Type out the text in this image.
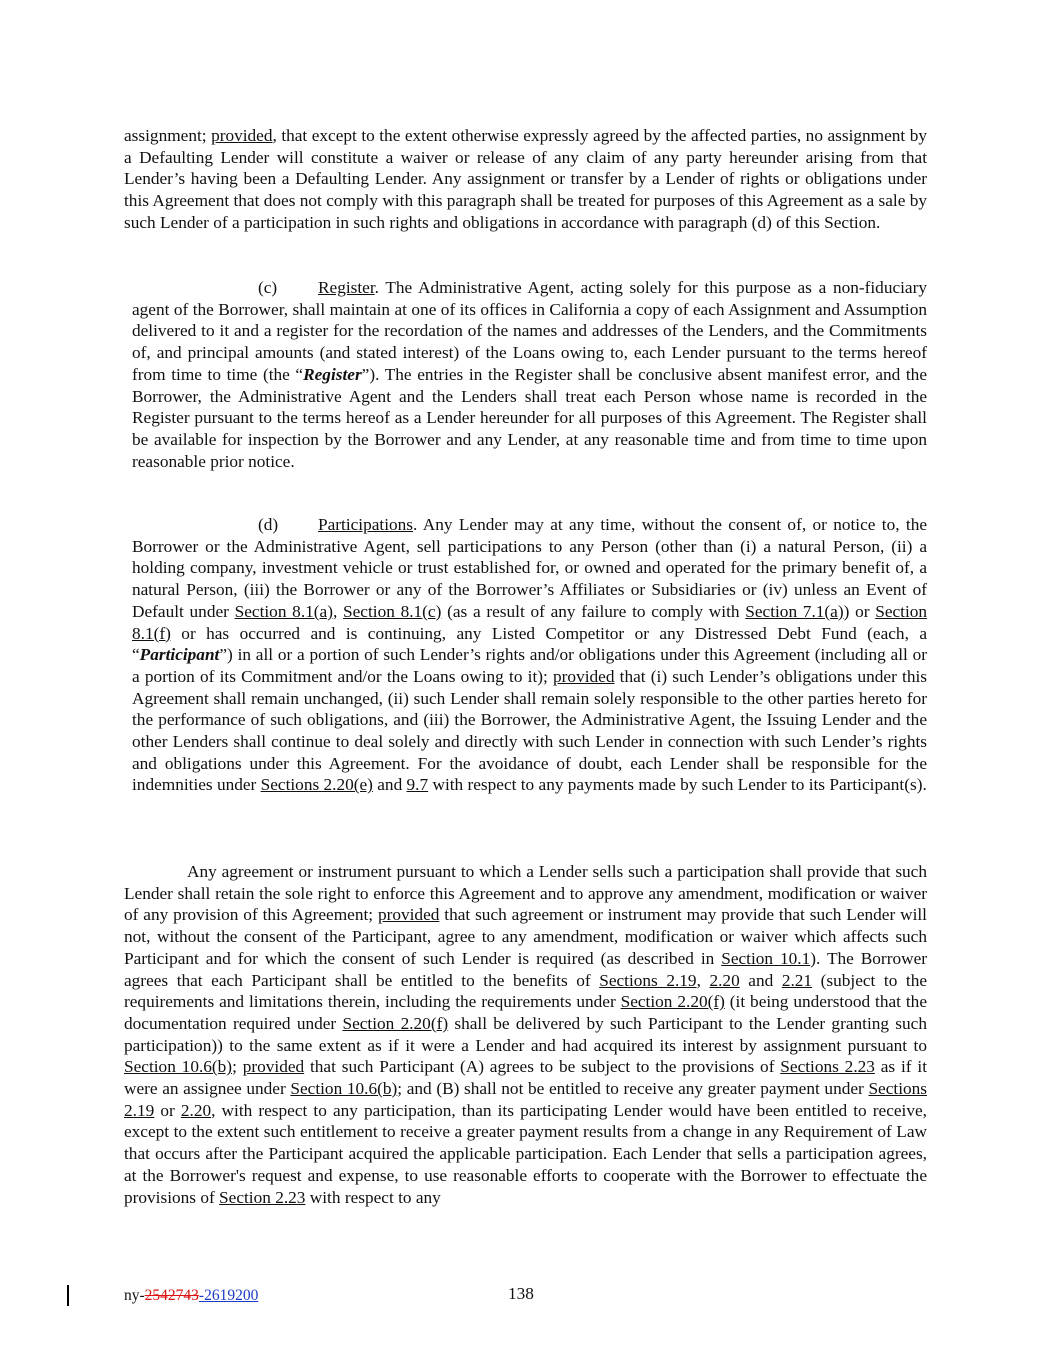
assignment; provided, that except to the extent otherwise expressly agreed by the affected parties, no assignment by a Defaulting Lender will constitute a waiver or release of any claim of any party hereunder arising from that Lender’s having been a Defaulting Lender. Any assignment or transfer by a Lender of rights or obligations under this Agreement that does not comply with this paragraph shall be treated for purposes of this Agreement as a sale by such Lender of a participation in such rights and obligations in accordance with paragraph (d) of this Section.

(c) Register. The Administrative Agent, acting solely for this purpose as a non-fiduciary agent of the Borrower, shall maintain at one of its offices in California a copy of each Assignment and Assumption delivered to it and a register for the recordation of the names and addresses of the Lenders, and the Commitments of, and principal amounts (and stated interest) of the Loans owing to, each Lender pursuant to the terms hereof from time to time (the “Register”). The entries in the Register shall be conclusive absent manifest error, and the Borrower, the Administrative Agent and the Lenders shall treat each Person whose name is recorded in the Register pursuant to the terms hereof as a Lender hereunder for all purposes of this Agreement. The Register shall be available for inspection by the Borrower and any Lender, at any reasonable time and from time to time upon reasonable prior notice.

(d) Participations. Any Lender may at any time, without the consent of, or notice to, the Borrower or the Administrative Agent, sell participations to any Person (other than (i) a natural Person, (ii) a holding company, investment vehicle or trust established for, or owned and operated for the primary benefit of, a natural Person, (iii) the Borrower or any of the Borrower’s Affiliates or Subsidiaries or (iv) unless an Event of Default under Section 8.1(a), Section 8.1(c) (as a result of any failure to comply with Section 7.1(a)) or Section 8.1(f) or has occurred and is continuing, any Listed Competitor or any Distressed Debt Fund (each, a “Participant”) in all or a portion of such Lender’s rights and/or obligations under this Agreement (including all or a portion of its Commitment and/or the Loans owing to it); provided that (i) such Lender’s obligations under this Agreement shall remain unchanged, (ii) such Lender shall remain solely responsible to the other parties hereto for the performance of such obligations, and (iii) the Borrower, the Administrative Agent, the Issuing Lender and the other Lenders shall continue to deal solely and directly with such Lender in connection with such Lender’s rights and obligations under this Agreement. For the avoidance of doubt, each Lender shall be responsible for the indemnities under Sections 2.20(e) and 9.7 with respect to any payments made by such Lender to its Participant(s).

Any agreement or instrument pursuant to which a Lender sells such a participation shall provide that such Lender shall retain the sole right to enforce this Agreement and to approve any amendment, modification or waiver of any provision of this Agreement; provided that such agreement or instrument may provide that such Lender will not, without the consent of the Participant, agree to any amendment, modification or waiver which affects such Participant and for which the consent of such Lender is required (as described in Section 10.1). The Borrower agrees that each Participant shall be entitled to the benefits of Sections 2.19, 2.20 and 2.21 (subject to the requirements and limitations therein, including the requirements under Section 2.20(f) (it being understood that the documentation required under Section 2.20(f) shall be delivered by such Participant to the Lender granting such participation)) to the same extent as if it were a Lender and had acquired its interest by assignment pursuant to Section 10.6(b); provided that such Participant (A) agrees to be subject to the provisions of Sections 2.23 as if it were an assignee under Section 10.6(b); and (B) shall not be entitled to receive any greater payment under Sections 2.19 or 2.20, with respect to any participation, than its participating Lender would have been entitled to receive, except to the extent such entitlement to receive a greater payment results from a change in any Requirement of Law that occurs after the Participant acquired the applicable participation. Each Lender that sells a participation agrees, at the Borrower's request and expense, to use reasonable efforts to cooperate with the Borrower to effectuate the provisions of Section 2.23 with respect to any

ny-2542743-2619200	138
